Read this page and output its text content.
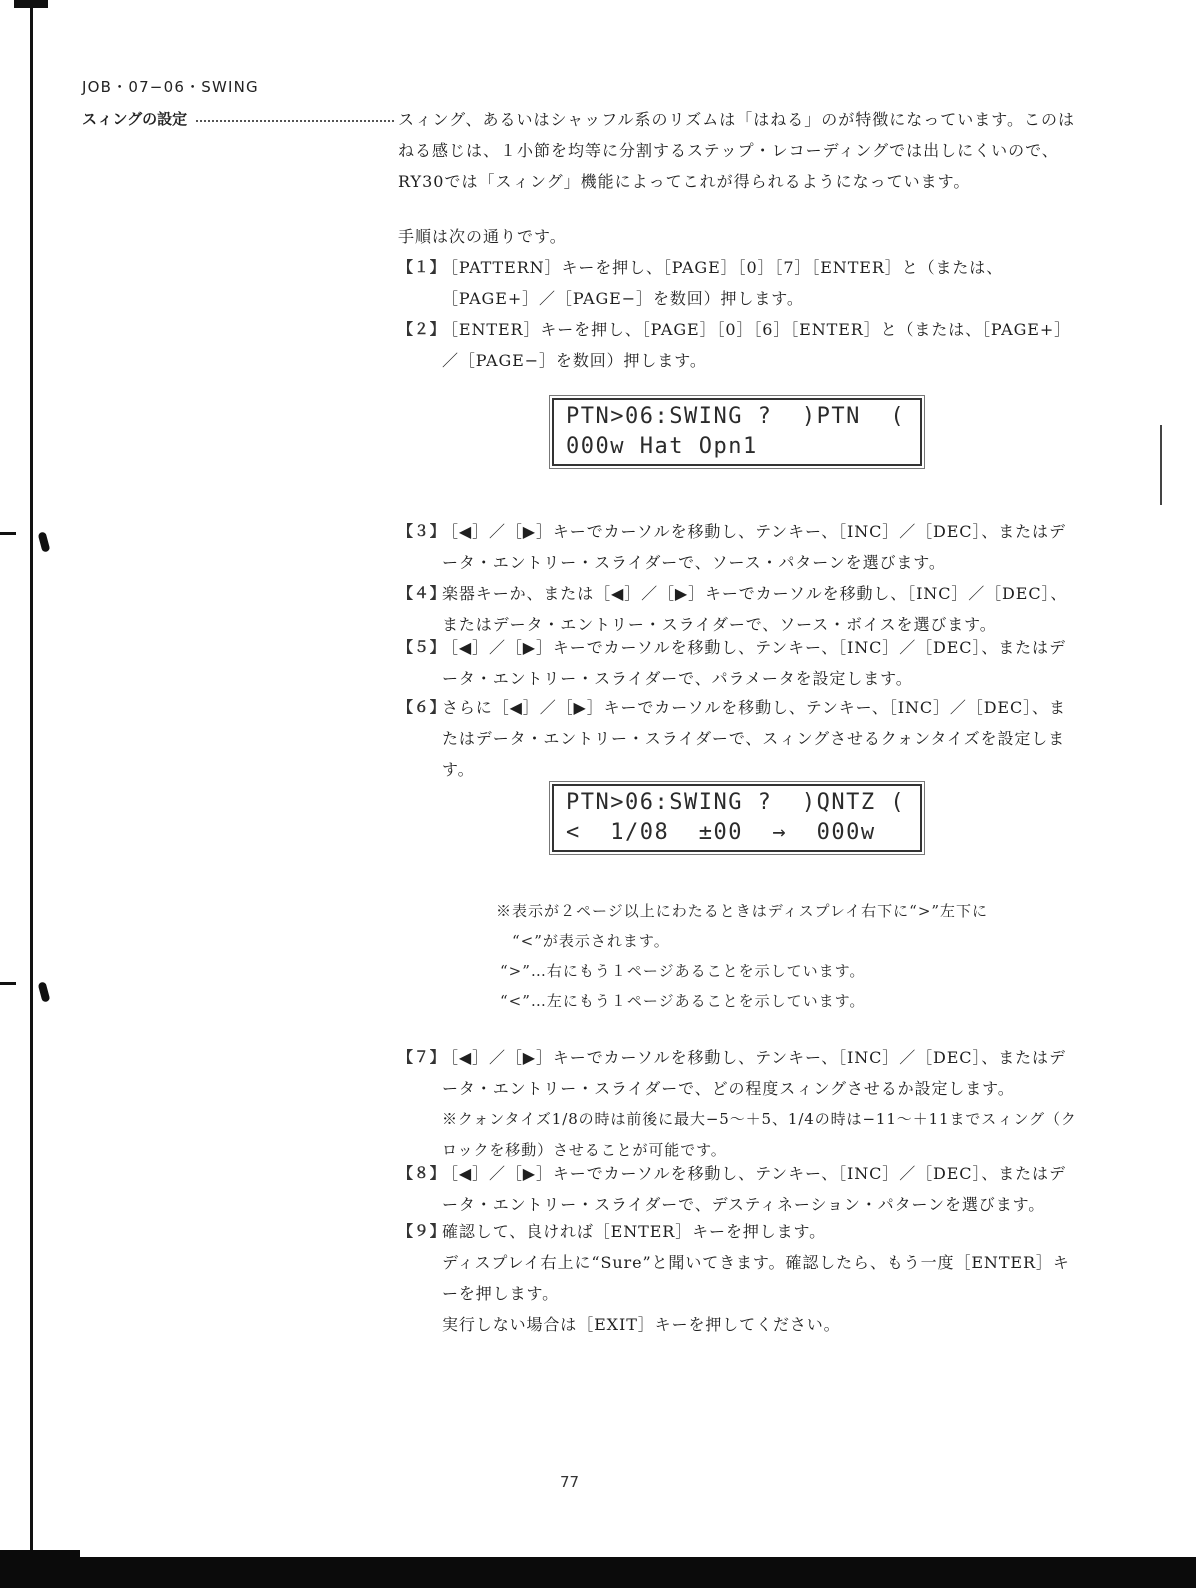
JOB・07−06・SWING
スィングの設定	スィング、あるいはシャッフル系のリズムは「はねる」のが特徴になっています。このはねる感じは、１小節を均等に分割するステップ・レコーディングでは出しにくいので、RY30では「スィング」機能によってこれが得られるようになっています。

手順は次の通りです。

【１】
［PATTERN］キーを押し、［PAGE］［0］［7］［ENTER］と（または、［PAGE+］／［PAGE−］を数回）押します。
【２】
［ENTER］キーを押し、［PAGE］［0］［6］［ENTER］と（または、［PAGE+］／［PAGE−］を数回）押します。
PTN>06:SWING ?  )PTN  (
000w Hat Opn1
【３】
［◀］／［▶］キーでカーソルを移動し、テンキー、［INC］／［DEC］、またはデータ・エントリー・スライダーで、ソース・パターンを選びます。
【４】
楽器キーか、または［◀］／［▶］キーでカーソルを移動し、［INC］／［DEC］、またはデータ・エントリー・スライダーで、ソース・ボイスを選びます。
【５】
［◀］／［▶］キーでカーソルを移動し、テンキー、［INC］／［DEC］、またはデータ・エントリー・スライダーで、パラメータを設定します。
【６】
さらに［◀］／［▶］キーでカーソルを移動し、テンキー、［INC］／［DEC］、またはデータ・エントリー・スライダーで、スィングさせるクォンタイズを設定します。
PTN>06:SWING ?  )QNTZ (
<  1/08  ±00  →  000w

※表示が２ページ以上にわたるときはディスプレイ右下に“>”左下に

“<”が表示されます。

“>”…右にもう１ページあることを示しています。

“<”…左にもう１ページあることを示しています。

【７】
［◀］／［▶］キーでカーソルを移動し、テンキー、［INC］／［DEC］、またはデータ・エントリー・スライダーで、どの程度スィングさせるか設定します。
※クォンタイズ1/8の時は前後に最大−5〜＋5、1/4の時は−11〜＋11までスィング（クロックを移動）させることが可能です。
【８】
［◀］／［▶］キーでカーソルを移動し、テンキー、［INC］／［DEC］、またはデータ・エントリー・スライダーで、デスティネーション・パターンを選びます。
【９】
確認して、良ければ［ENTER］キーを押します。
ディスプレイ右上に“Sure”と聞いてきます。確認したら、もう一度［ENTER］キーを押します。
実行しない場合は［EXIT］キーを押してください。
77
